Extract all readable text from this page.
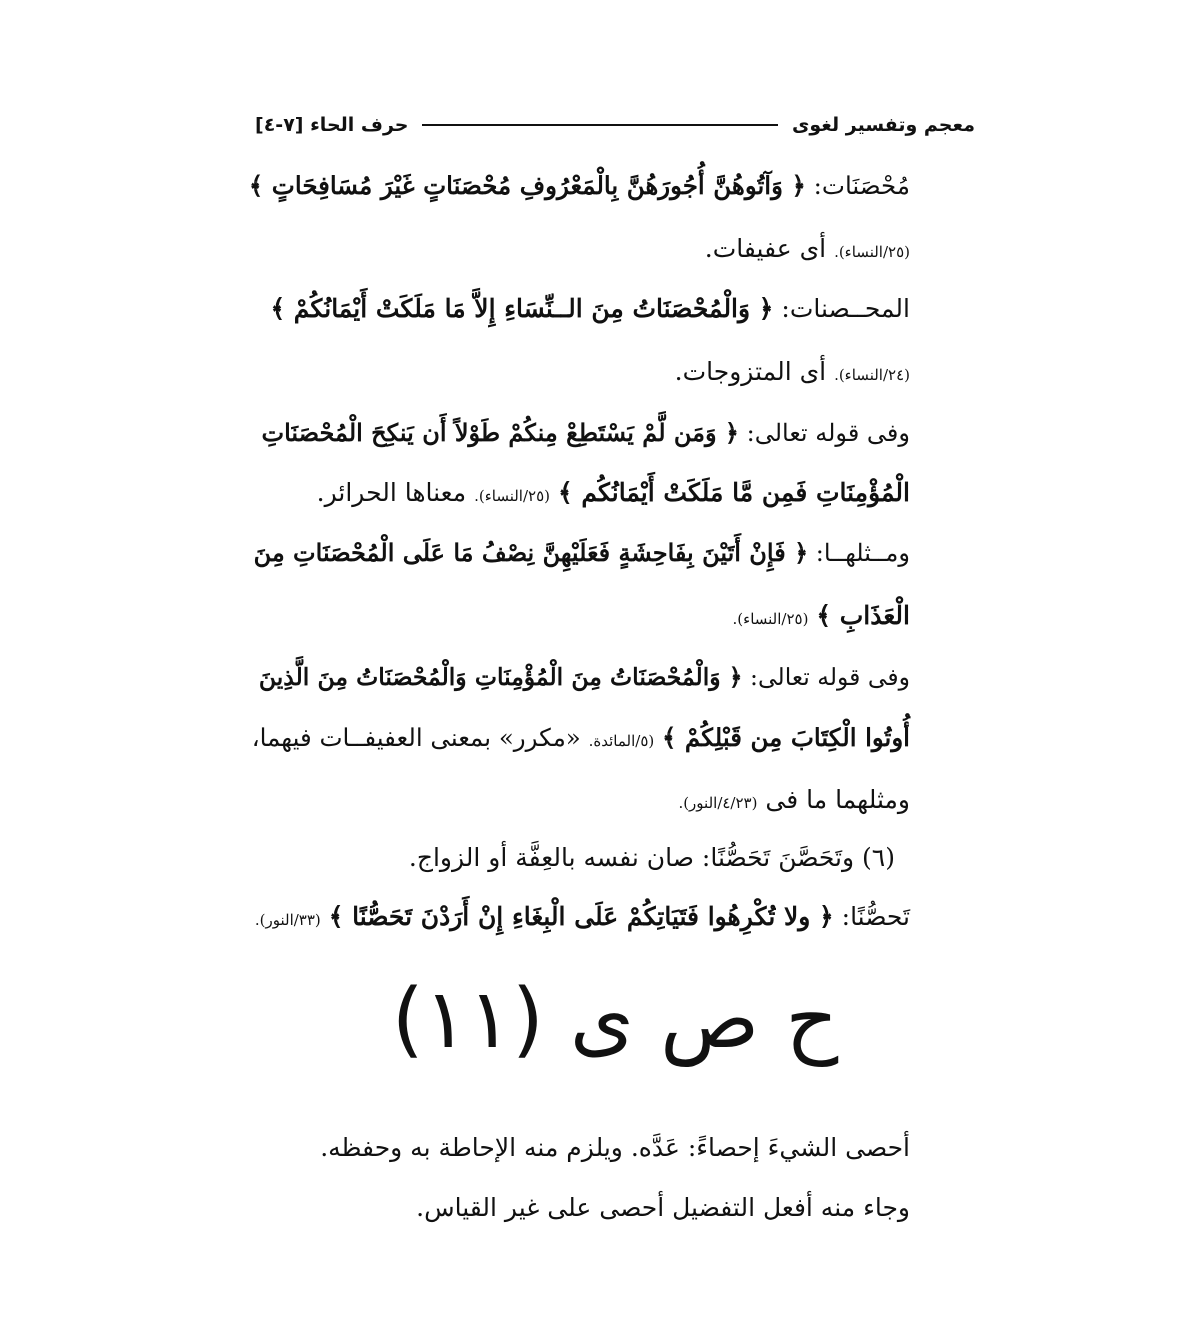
معجم وتفسير لغوى
حرف الحاء [٧-٤]
مُحْصَنَات: ﴿ وَآتُوهُنَّ أُجُورَهُنَّ بِالْمَعْرُوفِ مُحْصَنَاتٍ غَيْرَ مُسَافِحَاتٍ ﴾
(٢٥/النساء). أى عفيفات.
المحــصنات: ﴿ وَالْمُحْصَنَاتُ مِنَ الــنِّسَاءِ إِلاَّ مَا مَلَكَتْ أَيْمَانُكُمْ ﴾
(٢٤/النساء). أى المتزوجات.
وفى قوله تعالى: ﴿ وَمَن لَّمْ يَسْتَطِعْ مِنكُمْ طَوْلاً أَن يَنكِحَ الْمُحْصَنَاتِ
الْمُؤْمِنَاتِ فَمِن مَّا مَلَكَتْ أَيْمَانُكُم ﴾ (٢٥/النساء). معناها الحرائر.
ومــثلهــا: ﴿ فَإِنْ أَتَيْنَ بِفَاحِشَةٍ فَعَلَيْهِنَّ نِصْفُ مَا عَلَى الْمُحْصَنَاتِ مِنَ
الْعَذَابِ ﴾ (٢٥/النساء).
وفى قوله تعالى: ﴿ وَالْمُحْصَنَاتُ مِنَ الْمُؤْمِنَاتِ وَالْمُحْصَنَاتُ مِنَ الَّذِينَ
أُوتُوا الْكِتَابَ مِن قَبْلِكُمْ ﴾ (٥/المائدة. «مكرر» بمعنى العفيفــات فيهما،
ومثلهما ما فى (٤/٢٣/النور).
(٦) وتَحَصَّنَ تَحَصُّنًا: صان نفسه بالعِفَّة أو الزواج.
تَحصُّنًا: ﴿ ولا تُكْرِهُوا فَتَيَاتِكُمْ عَلَى الْبِغَاءِ إِنْ أَرَدْنَ تَحَصُّنًا ﴾ (٣٣/النور).
ح ص ى (١١)
أحصى الشيءَ إحصاءً: عَدَّه. ويلزم منه الإحاطة به وحفظه.
وجاء منه أفعل التفضيل أحصى على غير القياس.
